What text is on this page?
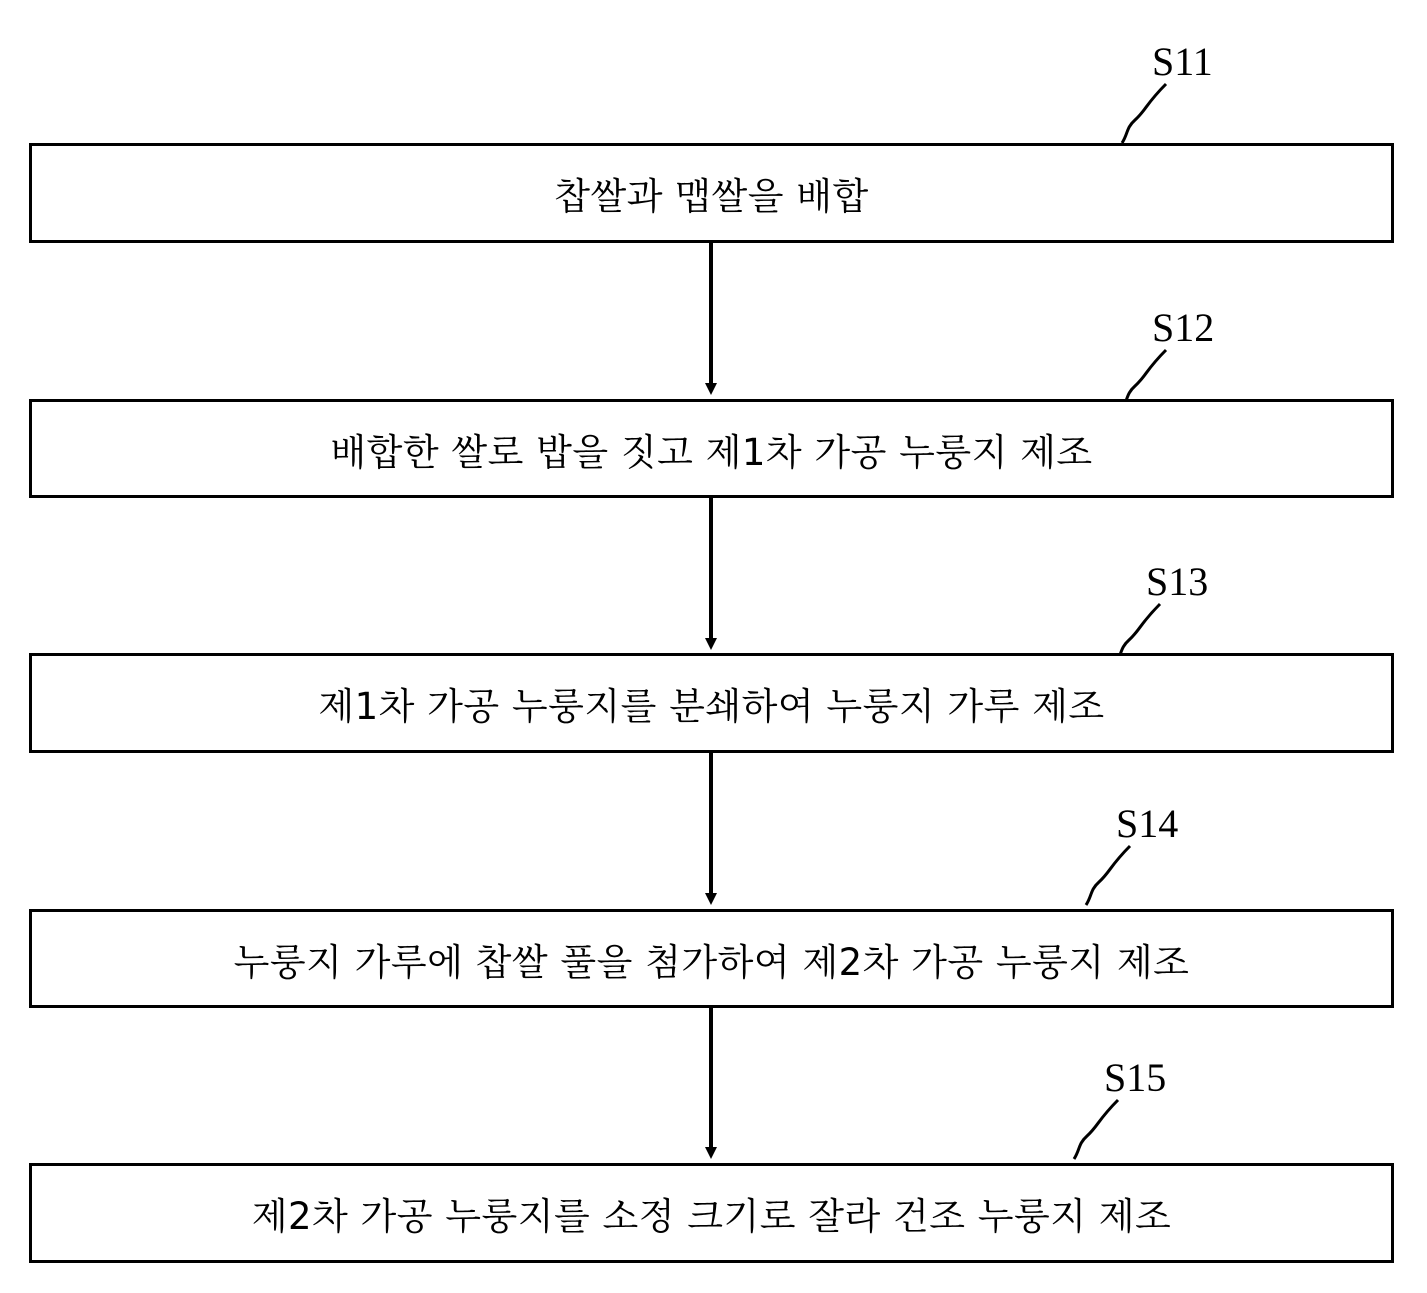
찹쌀과 맵쌀을 배합
S11
배합한 쌀로 밥을 짓고 제1차 가공 누룽지 제조
S12
제1차 가공 누룽지를 분쇄하여 누룽지 가루 제조
S13
누룽지 가루에 찹쌀 풀을 첨가하여 제2차 가공 누룽지 제조
S14
제2차 가공 누룽지를 소정 크기로 잘라 건조 누룽지 제조
S15
